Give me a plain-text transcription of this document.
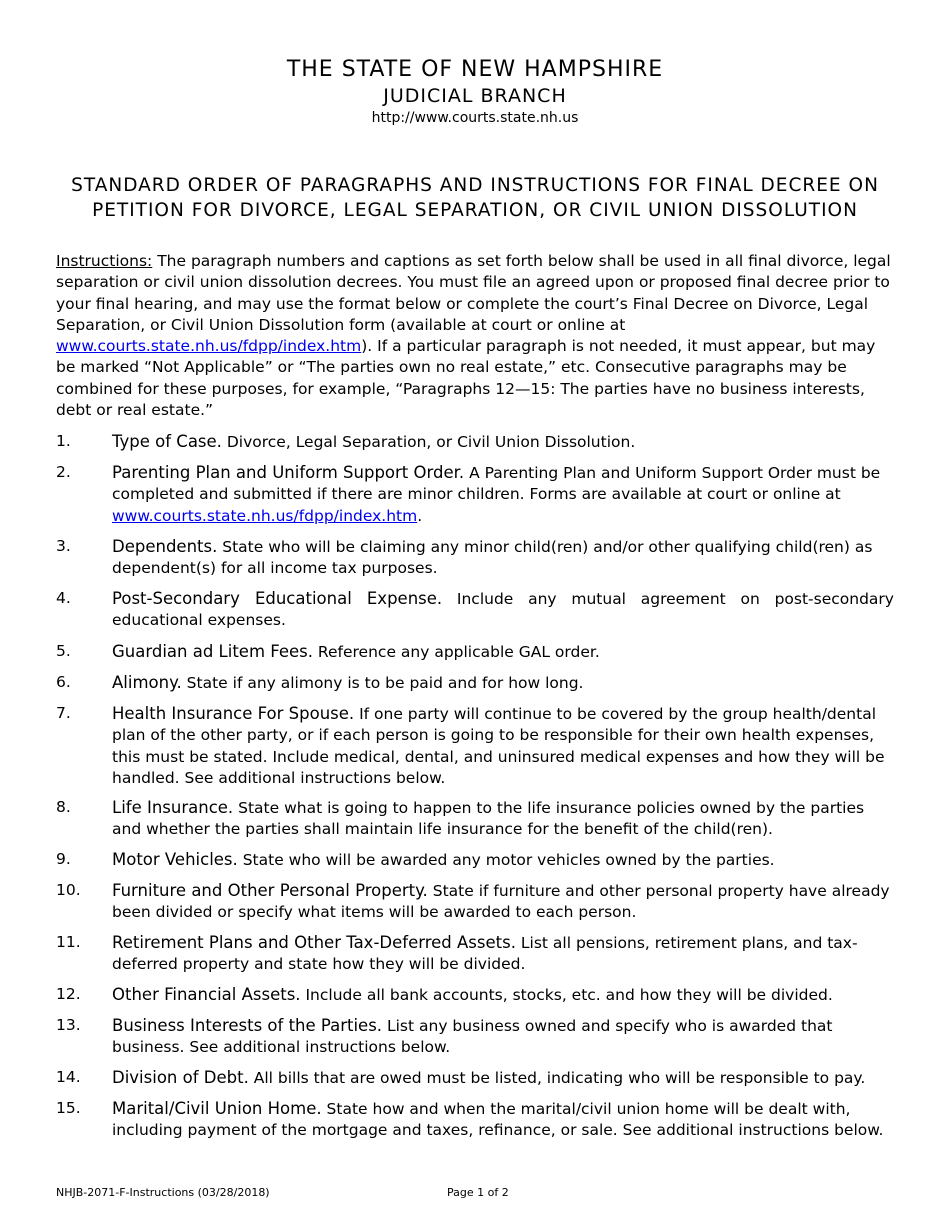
THE STATE OF NEW HAMPSHIRE
JUDICIAL BRANCH
http://www.courts.state.nh.us
STANDARD ORDER OF PARAGRAPHS AND INSTRUCTIONS FOR FINAL DECREE ON PETITION FOR DIVORCE, LEGAL SEPARATION, OR CIVIL UNION DISSOLUTION
Instructions: The paragraph numbers and captions as set forth below shall be used in all final divorce, legal separation or civil union dissolution decrees. You must file an agreed upon or proposed final decree prior to your final hearing, and may use the format below or complete the court’s Final Decree on Divorce, Legal Separation, or Civil Union Dissolution form (available at court or online at www.courts.state.nh.us/fdpp/index.htm). If a particular paragraph is not needed, it must appear, but may be marked “Not Applicable” or “The parties own no real estate,” etc. Consecutive paragraphs may be combined for these purposes, for example, “Paragraphs 12—15: The parties have no business interests, debt or real estate.”
1.	Type of Case. Divorce, Legal Separation, or Civil Union Dissolution.
2.	Parenting Plan and Uniform Support Order. A Parenting Plan and Uniform Support Order must be completed and submitted if there are minor children. Forms are available at court or online at www.courts.state.nh.us/fdpp/index.htm.
3.	Dependents. State who will be claiming any minor child(ren) and/or other qualifying child(ren) as dependent(s) for all income tax purposes.
4.	Post-Secondary Educational Expense. Include any mutual agreement on post-secondary educational expenses.
5.	Guardian ad Litem Fees. Reference any applicable GAL order.
6.	Alimony. State if any alimony is to be paid and for how long.
7.	Health Insurance For Spouse. If one party will continue to be covered by the group health/dental plan of the other party, or if each person is going to be responsible for their own health expenses, this must be stated. Include medical, dental, and uninsured medical expenses and how they will be handled. See additional instructions below.
8.	Life Insurance. State what is going to happen to the life insurance policies owned by the parties and whether the parties shall maintain life insurance for the benefit of the child(ren).
9.	Motor Vehicles. State who will be awarded any motor vehicles owned by the parties.
10.	Furniture and Other Personal Property. State if furniture and other personal property have already been divided or specify what items will be awarded to each person.
11.	Retirement Plans and Other Tax-Deferred Assets. List all pensions, retirement plans, and tax-deferred property and state how they will be divided.
12.	Other Financial Assets. Include all bank accounts, stocks, etc. and how they will be divided.
13.	Business Interests of the Parties. List any business owned and specify who is awarded that business. See additional instructions below.
14.	Division of Debt. All bills that are owed must be listed, indicating who will be responsible to pay.
15.	Marital/Civil Union Home. State how and when the marital/civil union home will be dealt with, including payment of the mortgage and taxes, refinance, or sale. See additional instructions below.
NHJB-2071-F-Instructions (03/28/2018)	Page 1 of 2
